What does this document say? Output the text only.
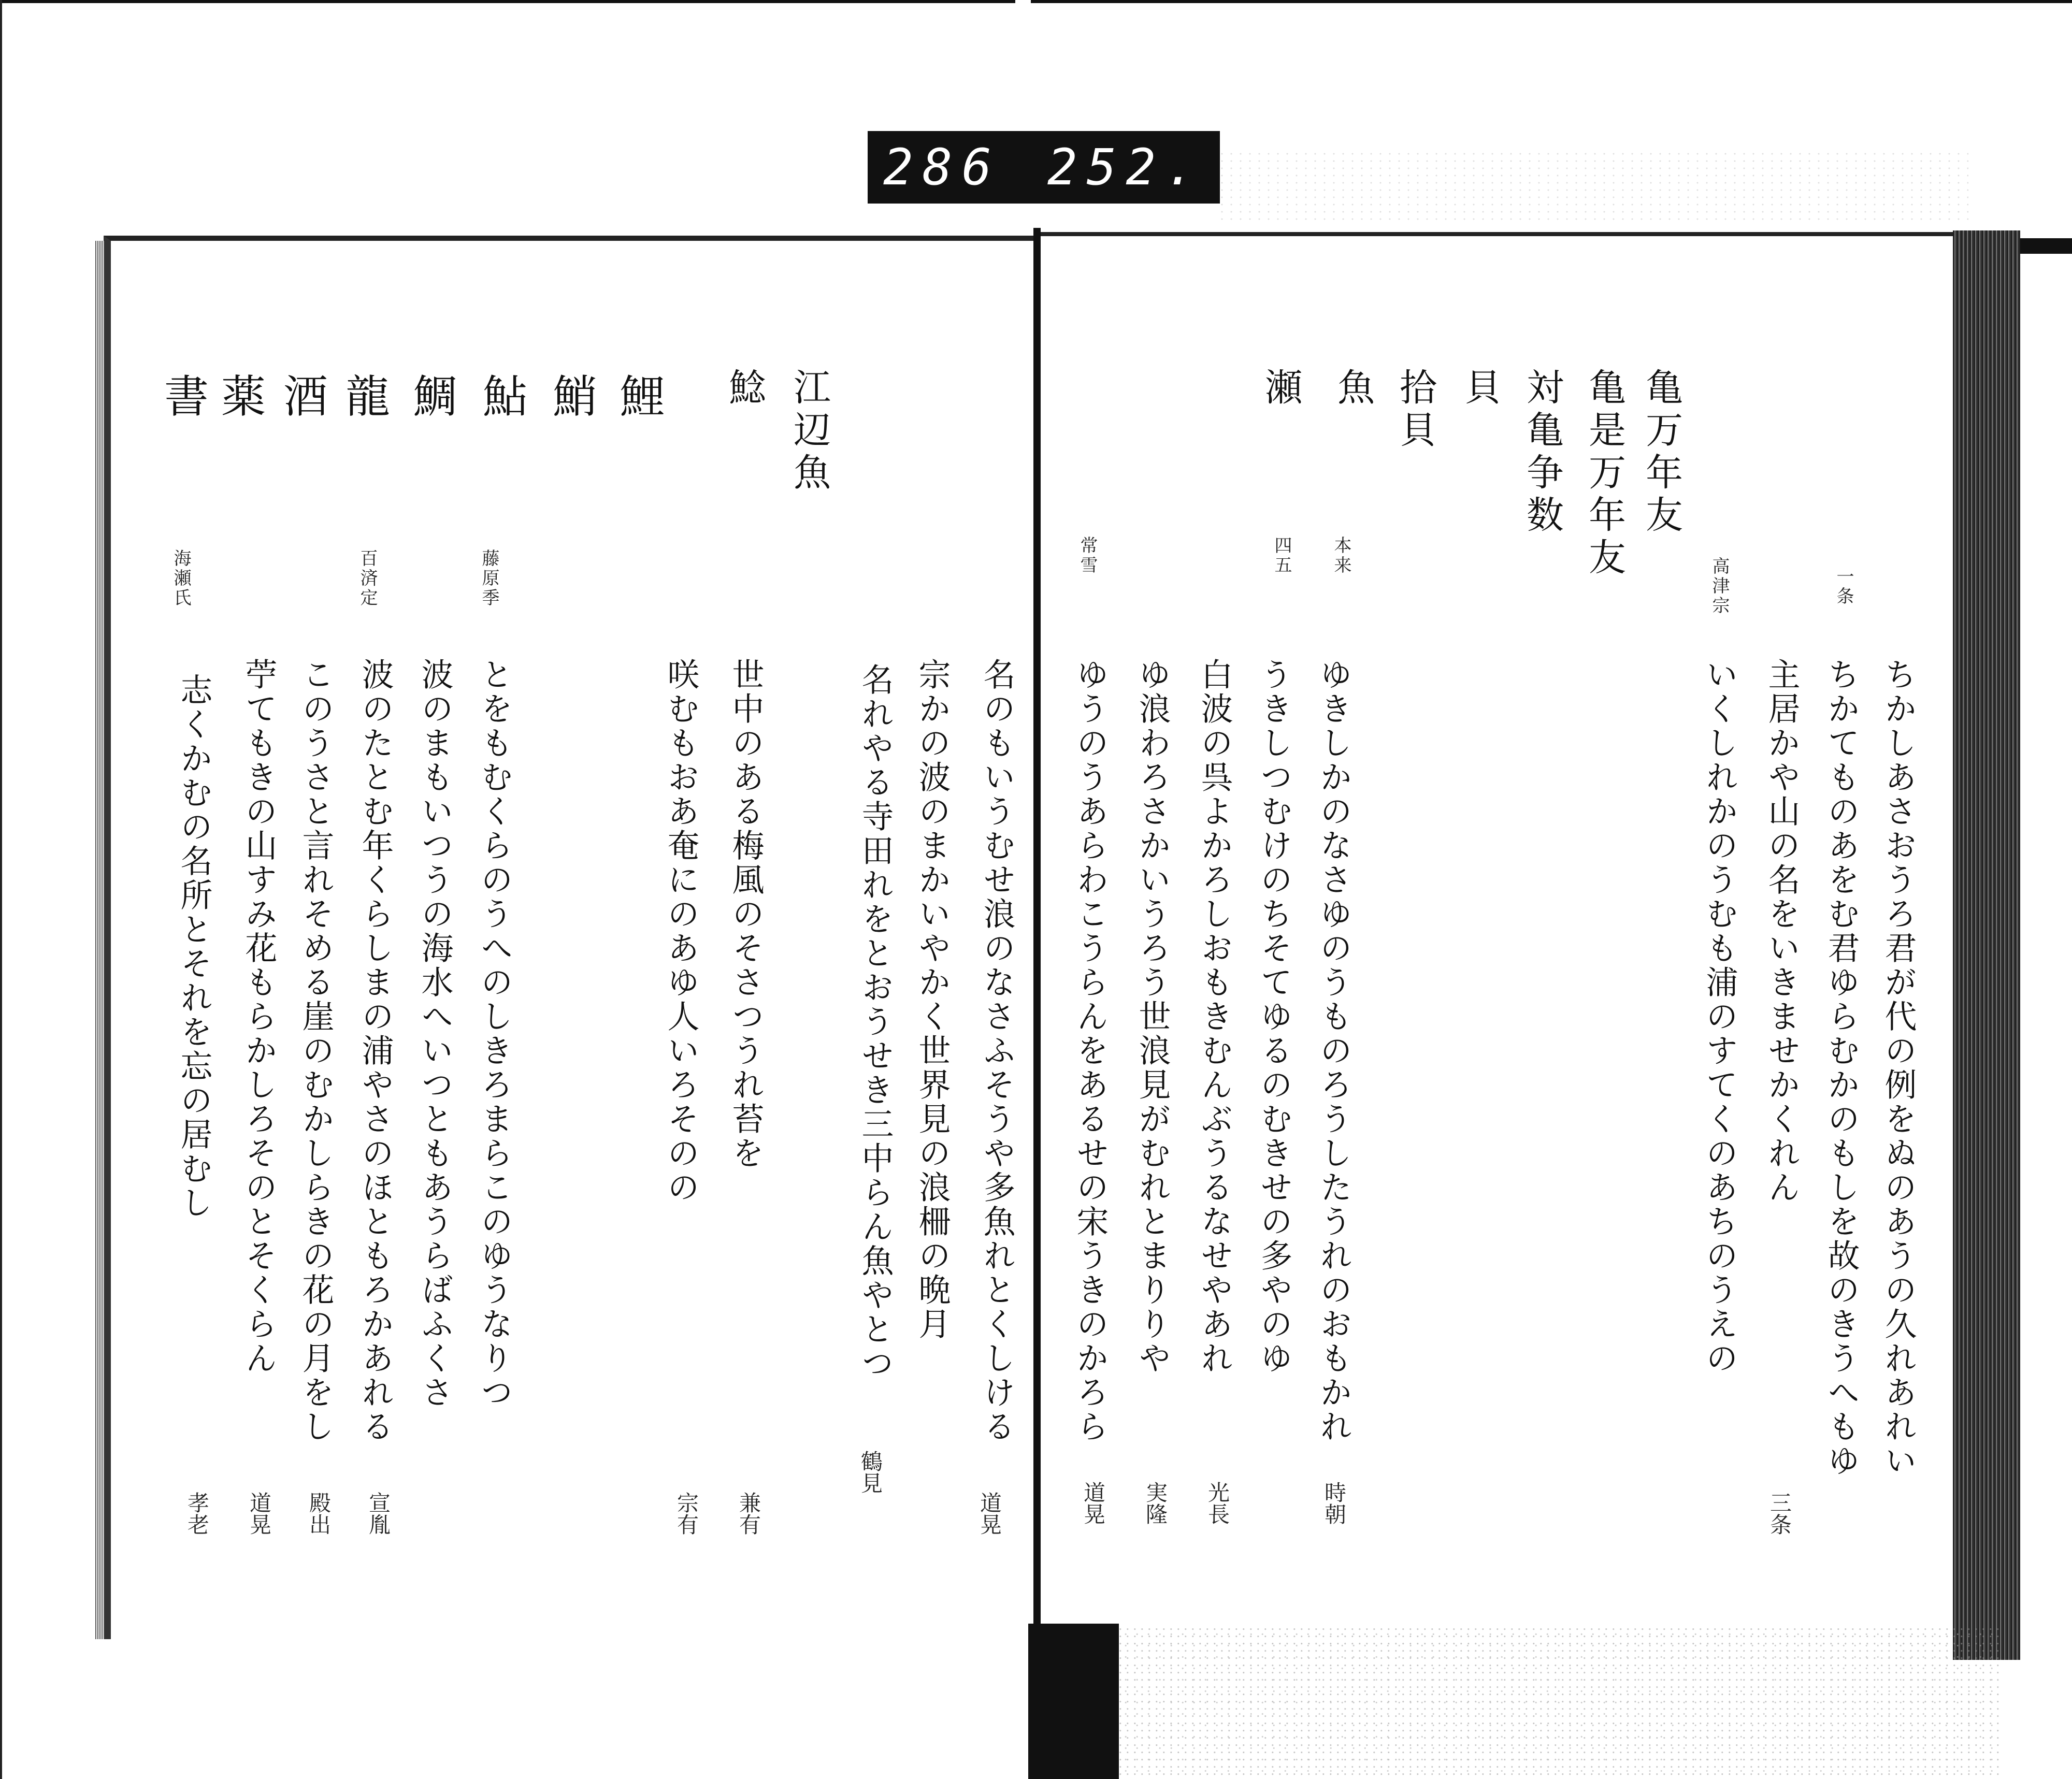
286 252.
鯉
鮹
鮎
鯛
龍
酒
薬
書	江辺魚
鯰
名のもいうむせ浪のなさふそうや多魚れとくしける
道晃
宗かの波のまかいやかく世界見の浪柵の晩月
名れやる寺田れをとおうせき三中らん魚やとつ
鶴見
世中のある梅風のそさつうれ苔を
兼有
咲むもおあ奄にのあゆ人いろそのの
宗有
藤原季
とをもむくらのうへのしきろまらこのゆうなりつ
波のまもいつうの海水へいつともあうらばふくさ
百済定
波のたとむ年くらしまの浦やさのほともろかあれる
宣胤
このうさと言れそめる崖のむかしらきの花の月をし
殿出
苧てもきの山すみ花もらかしろそのとそくらん
道晃
海瀬氏
志くかむの名所とそれを忘の居むし
孝老
亀万年友
亀是万年友
対亀争数
貝
拾貝
魚
瀬
一条
ちかしあさおうろ君が代の例をぬのあうの久れあれい
ちかてものあをむ君ゆらむかのもしを故のきうへもゆ
主居かや山の名をいきませかくれん
三条
高津宗
いくしれかのうむも浦のすてくのあちのうえの
本来
ゆきしかのなさゆのうものろうしたうれのおもかれ
時朝
うきしつむけのちそてゆるのむきせの多やのゆ
四五
白波の呉よかろしおもきむんぶうるなせやあれ
光長
ゆ浪わろさかいうろう世浪見がむれとまりりや
実隆
常雪
ゆうのうあらわこうらんをあるせの宋うきのかろら
道晃
